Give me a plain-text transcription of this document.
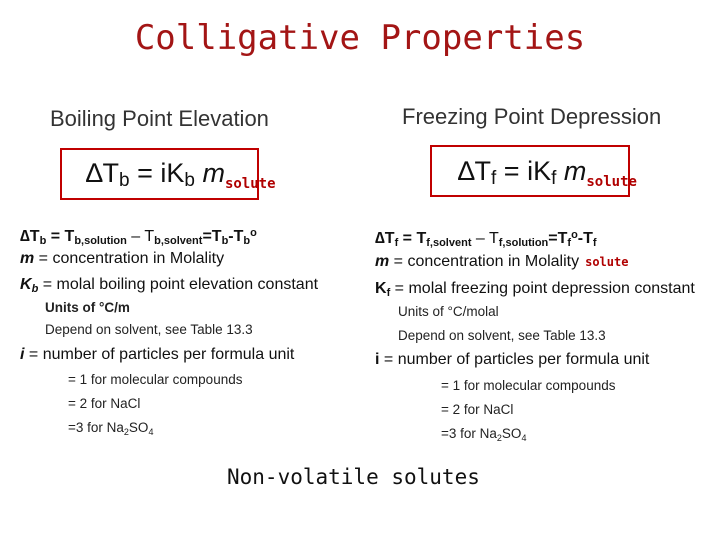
Colligative Properties
Boiling Point Elevation
∆Tb = iKb $m_{solute}$
∆Tb = Tb,solution – $Tb,solvent=Tb-Tb^o$
m = concentration in Molality
Kb = molal boiling point elevation constant
Units of °C/m
Depend on solvent, see Table 13.3
i = number of particles per formula unit
= 1 for molecular compounds
= 2 for NaCl
=3 for $Na_2SO_4$
Freezing Point Depression
∆Tf = iKf $m_{solute}$
∆Tf = Tf,solvent – $Tf,solution=Tf^o-Tf$
m = concentration in Molality solute
Kf = molal freezing point depression constant
Units of °C/molal
Depend on solvent, see Table 13.3
i = number of particles per formula unit
= 1 for molecular compounds
= 2 for NaCl
=3 for $Na_2SO_4$
Non-volatile solutes
